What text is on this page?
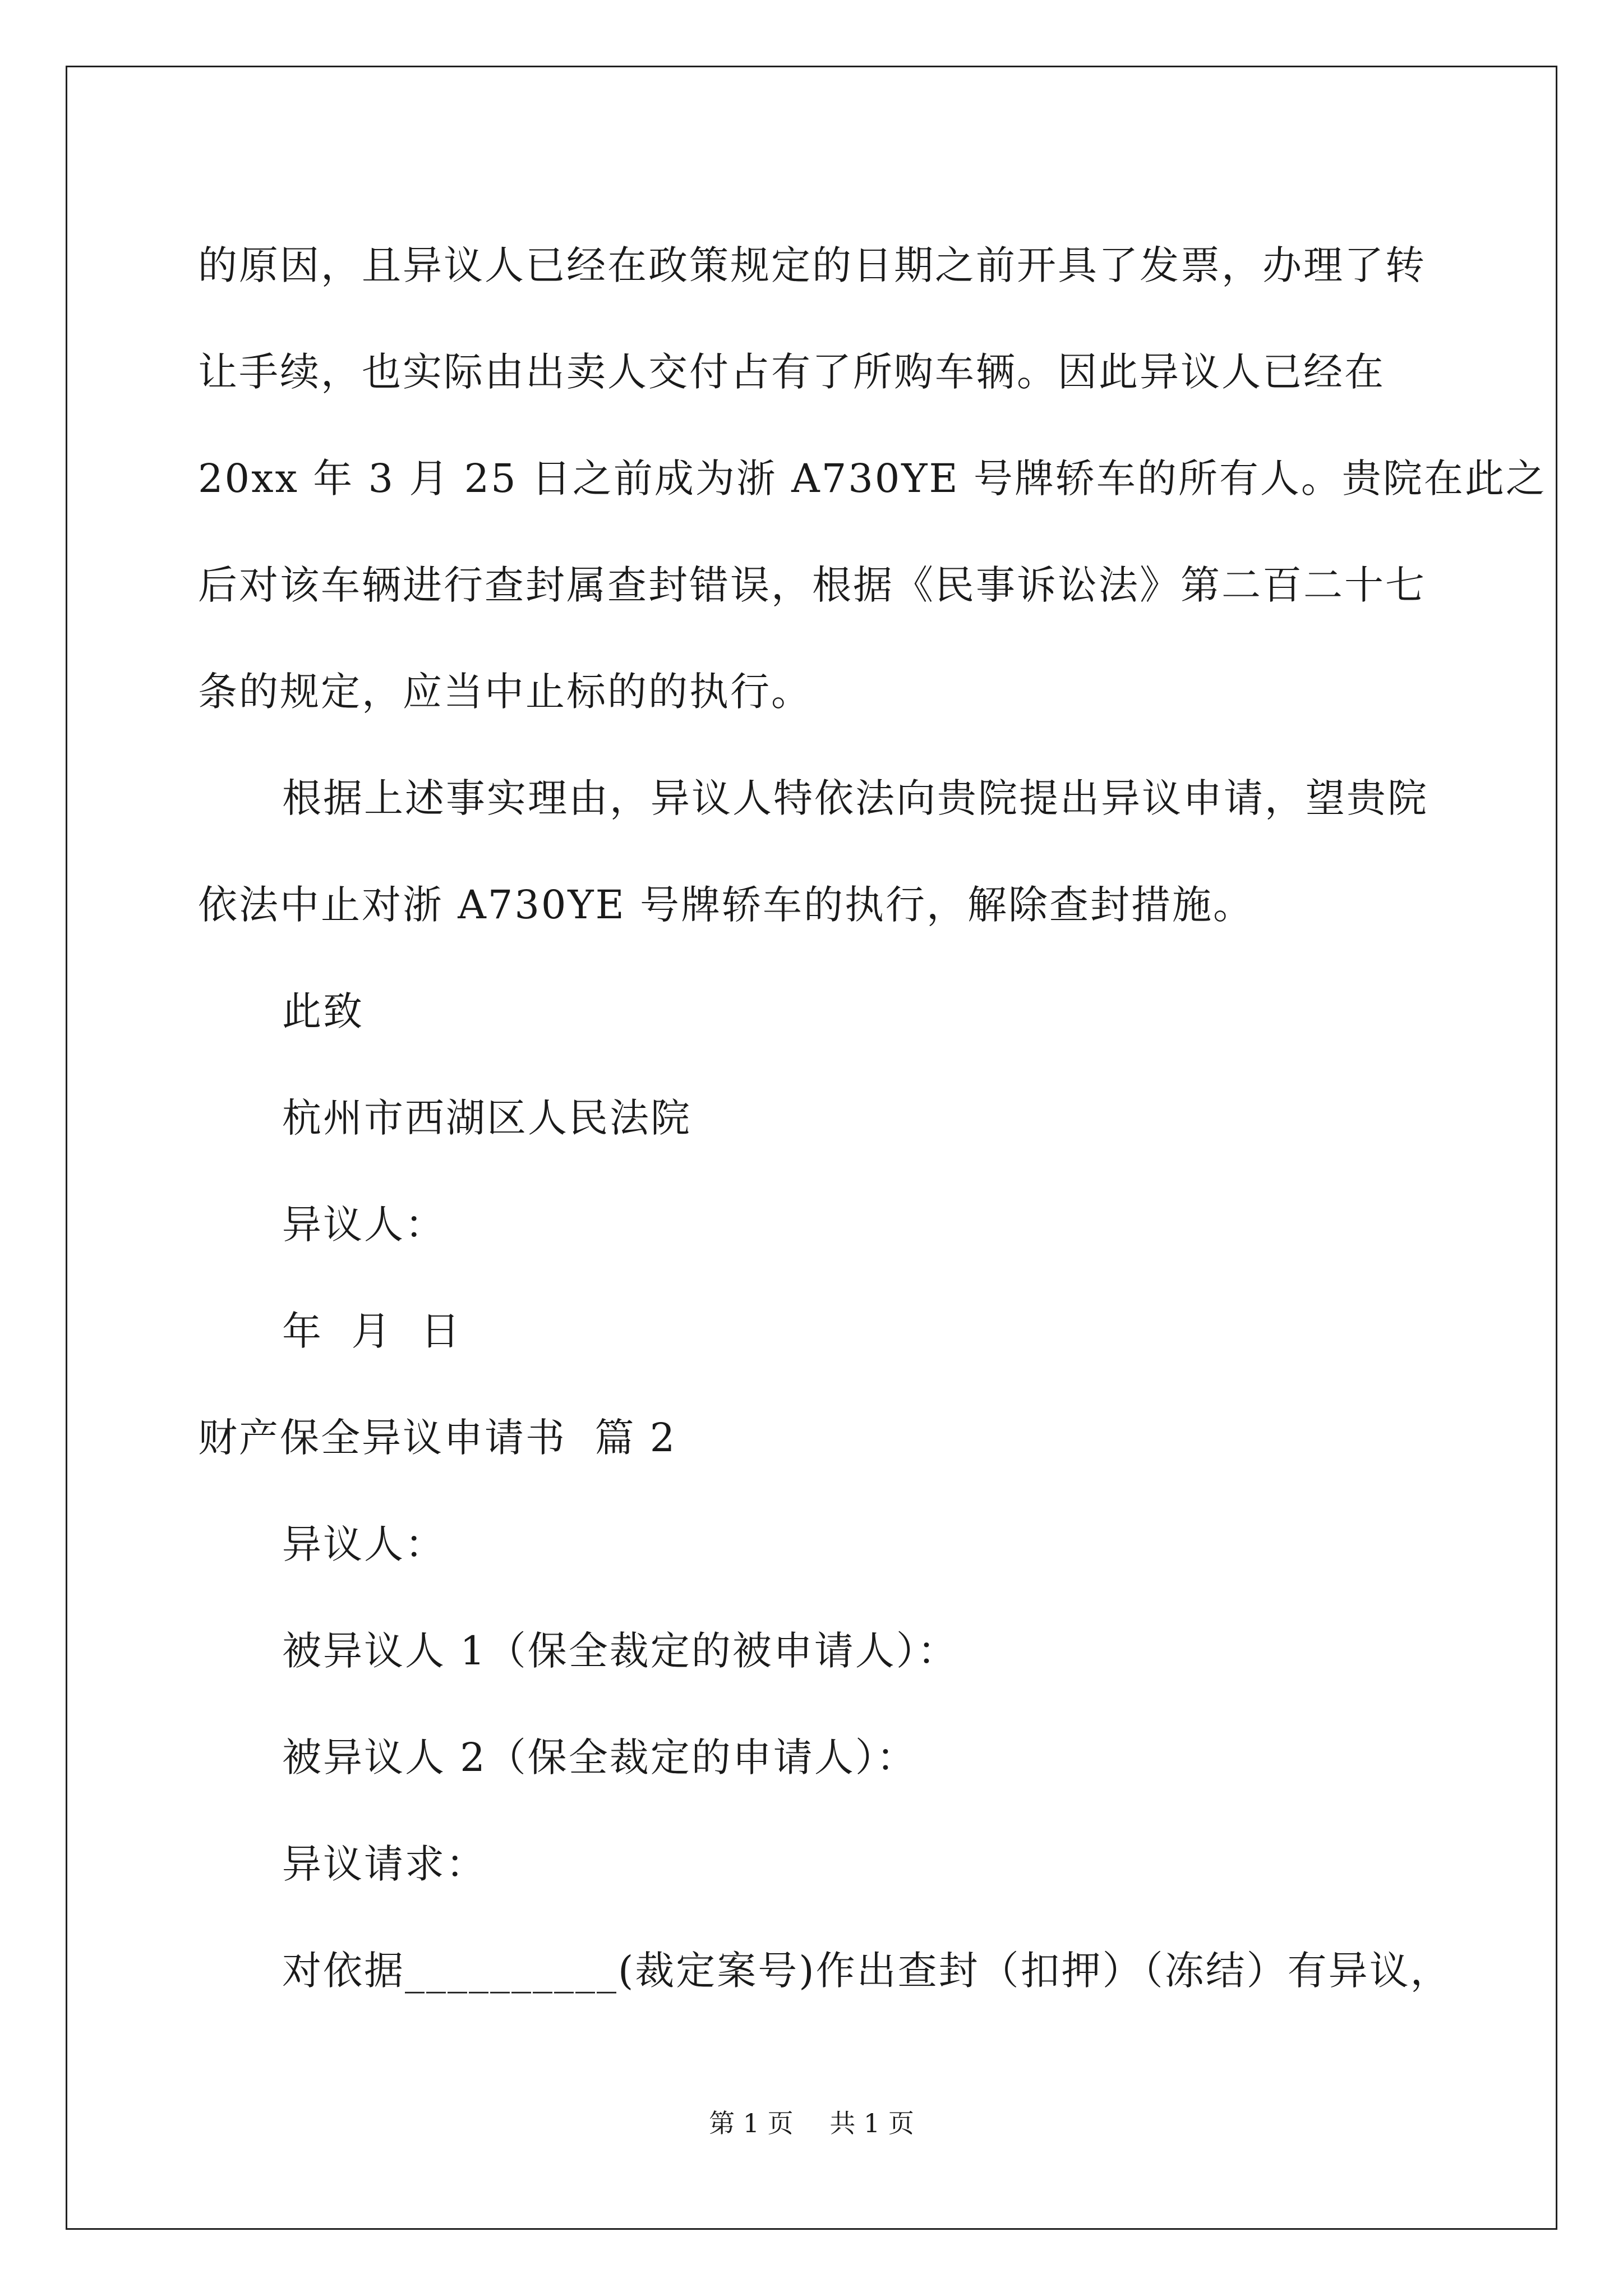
的原因，且异议人已经在政策规定的日期之前开具了发票，办理了转
让手续，也实际由出卖人交付占有了所购车辆。因此异议人已经在
20xx 年 3 月 25 日之前成为浙 A730YE 号牌轿车的所有人。贵院在此之
后对该车辆进行查封属查封错误，根据《民事诉讼法》第二百二十七
条的规定，应当中止标的的执行。
根据上述事实理由，异议人特依法向贵院提出异议申请，望贵院
依法中止对浙 A730YE 号牌轿车的执行，解除查封措施。
此致
杭州市西湖区人民法院
异议人：
年  月  日
财产保全异议申请书  篇 2
异议人：
被异议人 1（保全裁定的被申请人）：
被异议人 2（保全裁定的申请人）：
异议请求：
对依据__________(裁定案号)作出查封（扣押）（冻结）有异议，
第 1 页 共 1 页
